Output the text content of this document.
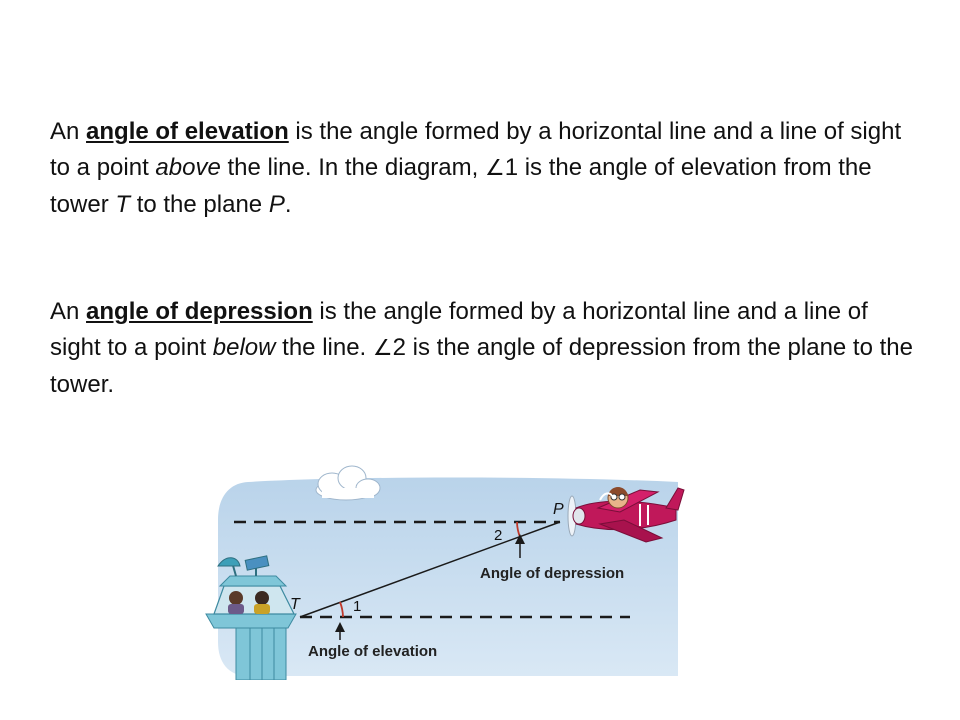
An angle of elevation is the angle formed by a horizontal line and a line of sight to a point above the line. In the diagram, ∠1 is the angle of elevation from the tower T to the plane P.

An angle of depression is the angle formed by a horizontal line and a line of sight to a point below the line. ∠2 is the angle of depression from the plane to the tower.

1
2
T
P
Angle of depression
Angle of elevation
